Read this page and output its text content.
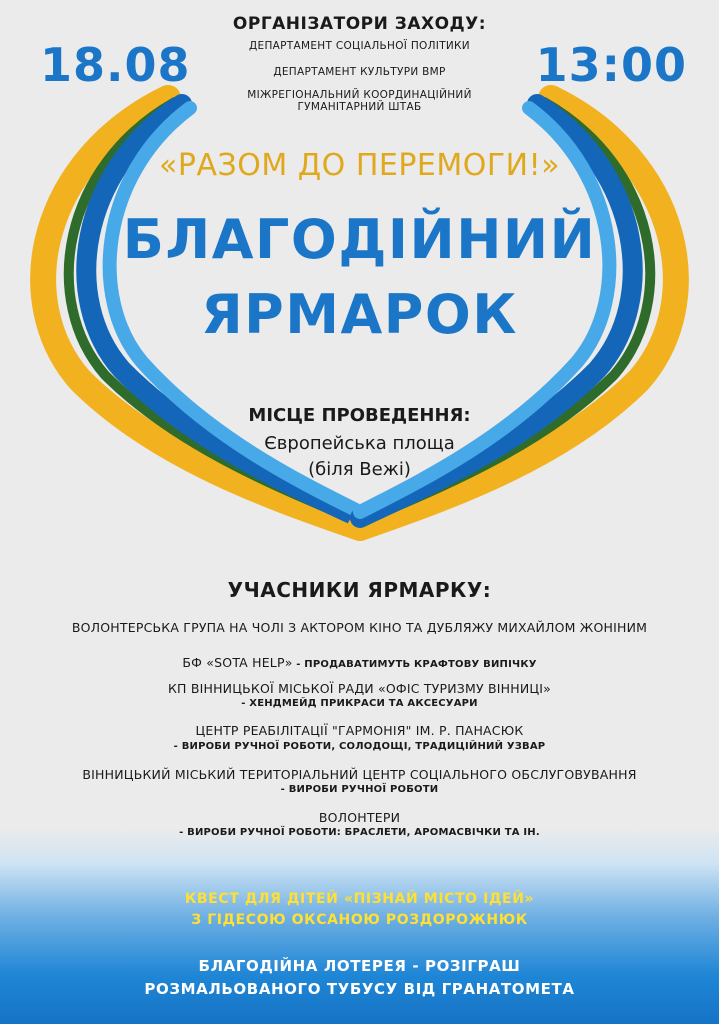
18.08	13:00
ОРГАНІЗАТОРИ ЗАХОДУ:
ДЕПАРТАМЕНТ СОЦІАЛЬНОЇ ПОЛІТИКИ
ДЕПАРТАМЕНТ КУЛЬТУРИ ВМР
МІЖРЕГІОНАЛЬНИЙ КООРДИНАЦІЙНИЙ
ГУМАНІТАРНИЙ ШТАБ
«РАЗОМ ДО ПЕРЕМОГИ!»
БЛАГОДІЙНИЙ
ЯРМАРОК
МІСЦЕ ПРОВЕДЕННЯ:
Європейська площа
(біля Вежі)
УЧАСНИКИ ЯРМАРКУ:
ВОЛОНТЕРСЬКА ГРУПА НА ЧОЛІ З АКТОРОМ КІНО ТА ДУБЛЯЖУ МИХАЙЛОМ ЖОНІНИМ
БФ «SOTA HELP» - ПРОДАВАТИМУТЬ КРАФТОВУ ВИПІЧКУ
КП ВІННИЦЬКОЇ МІСЬКОЇ РАДИ «ОФІС ТУРИЗМУ ВІННИЦІ»
- ХЕНДМЕЙД ПРИКРАСИ ТА АКСЕСУАРИ
ЦЕНТР РЕАБІЛІТАЦІЇ "ГАРМОНІЯ" ІМ. Р. ПАНАСЮК
- ВИРОБИ РУЧНОЇ РОБОТИ, СОЛОДОЩІ, ТРАДИЦІЙНИЙ УЗВАР
ВІННИЦЬКИЙ МІСЬКИЙ ТЕРИТОРІАЛЬНИЙ ЦЕНТР СОЦІАЛЬНОГО ОБСЛУГОВУВАННЯ
- ВИРОБИ РУЧНОЇ РОБОТИ
ВОЛОНТЕРИ
- ВИРОБИ РУЧНОЇ РОБОТИ: БРАСЛЕТИ, АРОМАСВІЧКИ ТА ІН.
КВЕСТ ДЛЯ ДІТЕЙ «ПІЗНАЙ МІСТО ІДЕЙ»
З ГІДЕСОЮ ОКСАНОЮ РОЗДОРОЖНЮК
БЛАГОДІЙНА ЛОТЕРЕЯ - РОЗІГРАШ
РОЗМАЛЬОВАНОГО ТУБУСУ ВІД ГРАНАТОМЕТА
